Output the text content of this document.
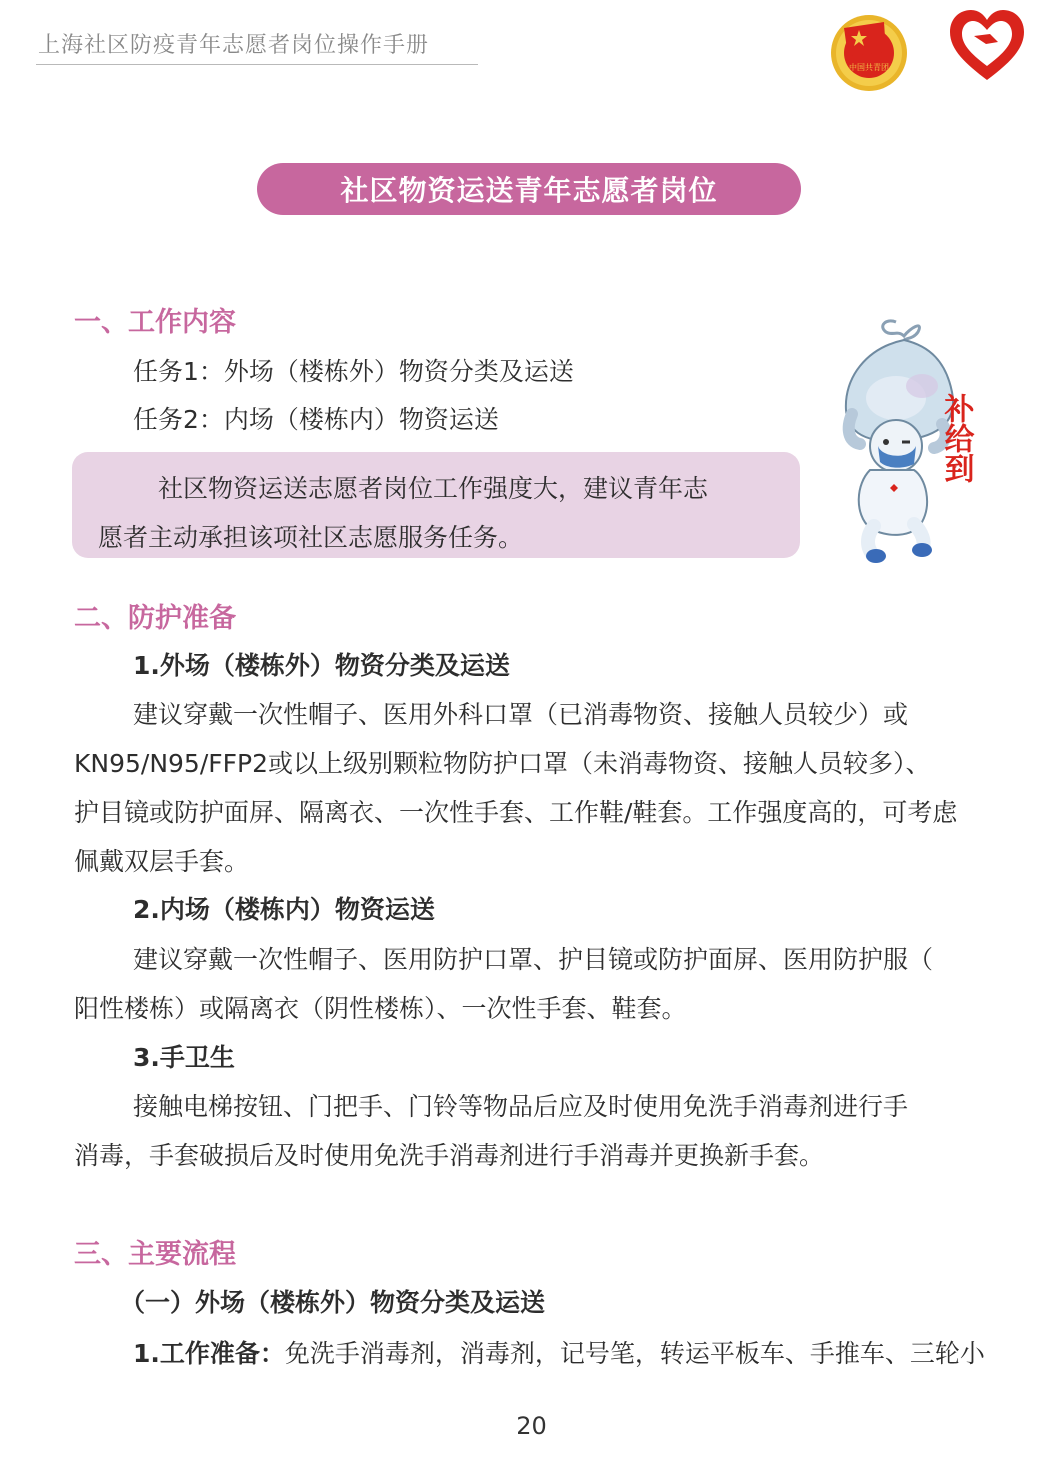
上海社区防疫青年志愿者岗位操作手册
中国共青团
社区物资运送青年志愿者岗位
一、工作内容
任务1：外场（楼栋外）物资分类及运送
任务2：内场（楼栋内）物资运送
社区物资运送志愿者岗位工作强度大，建议青年志
愿者主动承担该项社区志愿服务任务。
补给到
二、防护准备
1.外场（楼栋外）物资分类及运送
建议穿戴一次性帽子、医用外科口罩（已消毒物资、接触人员较少）或
KN95/N95/FFP2或以上级别颗粒物防护口罩（未消毒物资、接触人员较多）、
护目镜或防护面屏、隔离衣、一次性手套、工作鞋/鞋套。工作强度高的，可考虑
佩戴双层手套。
2.内场（楼栋内）物资运送
建议穿戴一次性帽子、医用防护口罩、护目镜或防护面屏、医用防护服（
阳性楼栋）或隔离衣（阴性楼栋）、一次性手套、鞋套。
3.手卫生
接触电梯按钮、门把手、门铃等物品后应及时使用免洗手消毒剂进行手
消毒，手套破损后及时使用免洗手消毒剂进行手消毒并更换新手套。
三、主要流程
（一）外场（楼栋外）物资分类及运送
1.工作准备：免洗手消毒剂，消毒剂，记号笔，转运平板车、手推车、三轮小
20
